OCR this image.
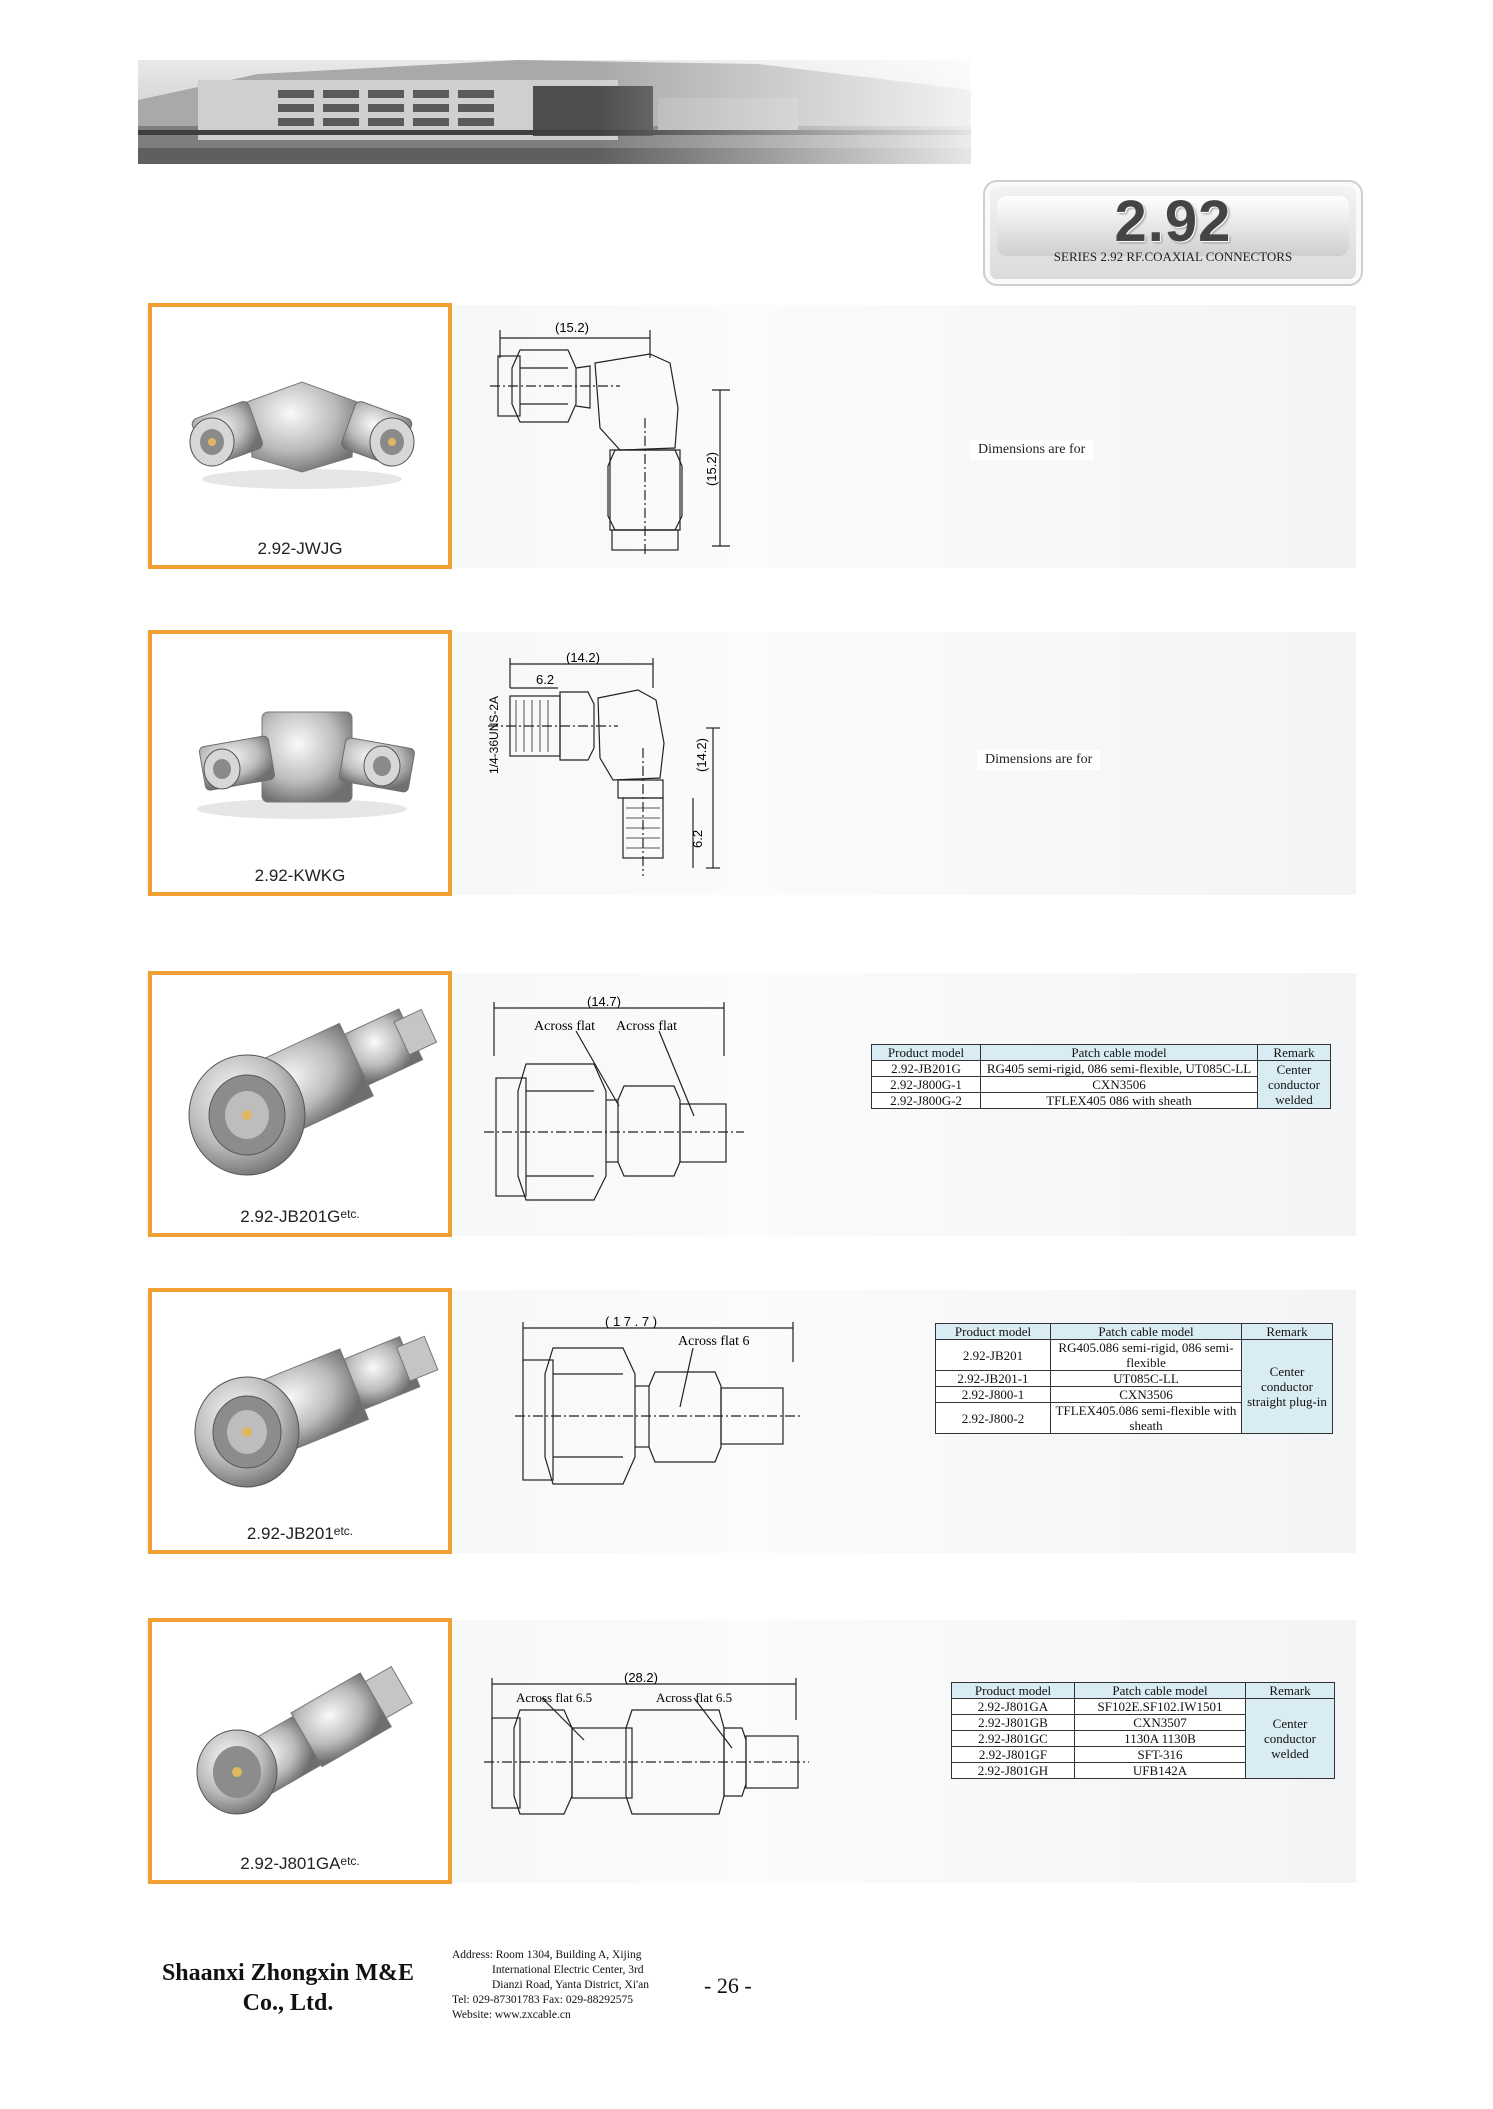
2.92
SERIES 2.92 RF.COAXIAL CONNECTORS
2.92-JWJG
(15.2)
(15.2)
Dimensions are for
2.92-KWKG
(14.2)
6.2
(14.2)
6.2
1/4-36UNS-2A	Dimensions are for
$2.92-JB201G^{etc.}$
(14.7)
Across flat Across flat
Product model	Patch cable model	Remark
2.92-JB201G	RG405 semi-rigid, 086 semi-flexible, UT085C-LL	Center conductor welded
2.92-J800G-1	CXN3506	
2.92-J800G-2	TFLEX405 086 with sheath	
$2.92-JB201^{etc.}$
( 1 7 . 7 )
Across flat 6
Product model	Patch cable model	Remark
2.92-JB201	RG405.086 semi-rigid, 086 semi-flexible	Center conductor straight plug-in
2.92-JB201-1	UT085C-LL	
2.92-J800-1	CXN3506	
2.92-J800-2	TFLEX405.086 semi-flexible with sheath	
$2.92-J801GA^{etc.}$
(28.2)
Across flat 6.5	Across flat 6.5	Product model	Patch cable model	Remark
2.92-J801GA	SF102E.SF102.IW1501	Center conductor welded
2.92-J801GB	CXN3507	
2.92-J801GC	1130A 1130B	
2.92-J801GF	SFT-316	
2.92-J801GH	UFB142A	
Shaanxi Zhongxin M&E
Co., Ltd.
Address: Room 1304, Building A, Xijing
International Electric Center, 3rd
Dianzi Road, Yanta District, Xi'an
Tel: 029-87301783 Fax: 029-88292575
Website: www.zxcable.cn
- 26 -
